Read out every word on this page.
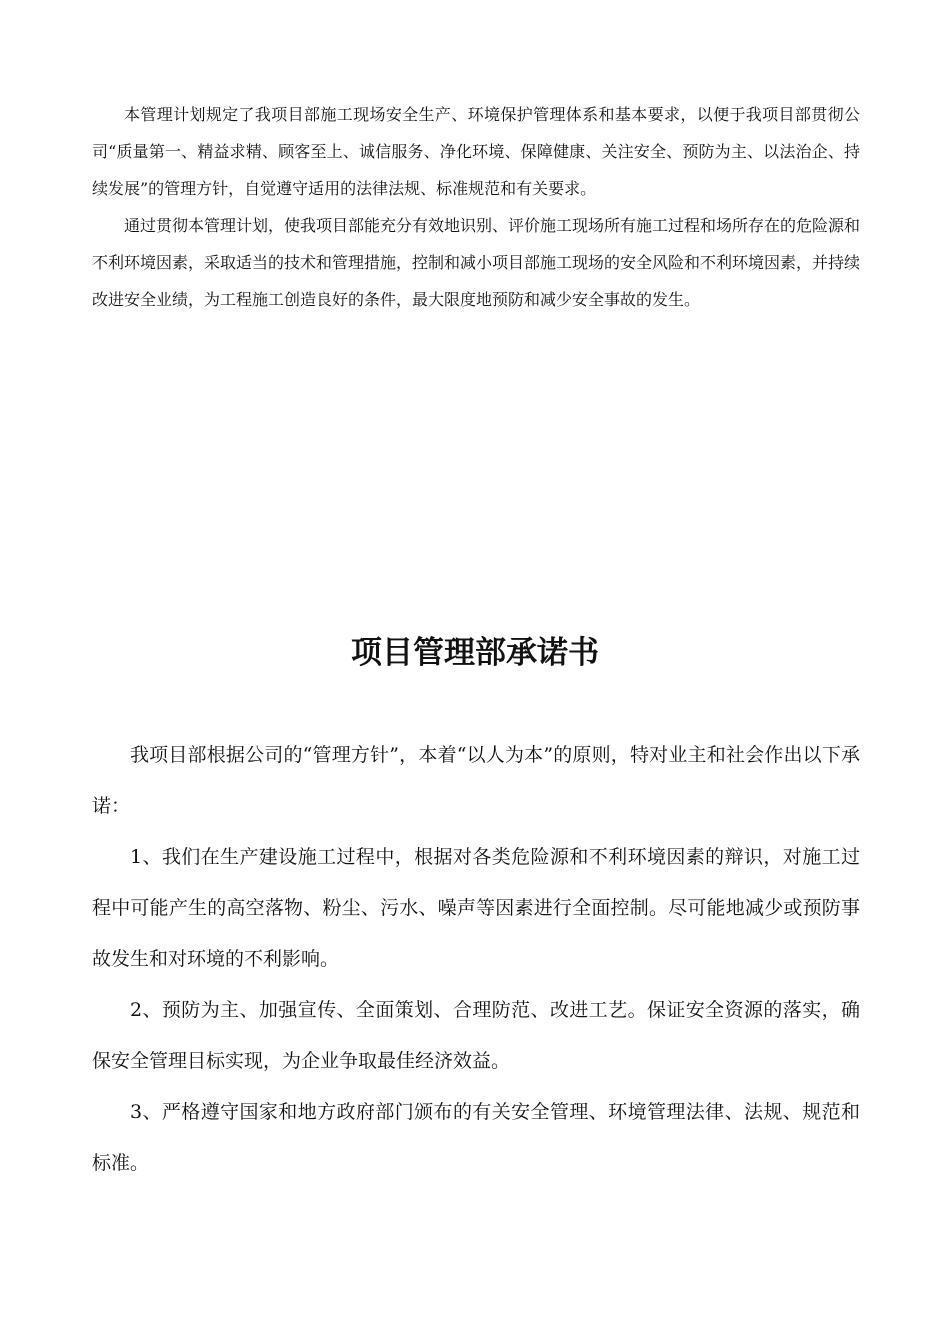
本管理计划规定了我项目部施工现场安全生产、环境保护管理体系和基本要求，以便于我项目部贯彻公司“质量第一、精益求精、顾客至上、诚信服务、净化环境、保障健康、关注安全、预防为主、以法治企、持续发展”的管理方针，自觉遵守适用的法律法规、标准规范和有关要求。

通过贯彻本管理计划，使我项目部能充分有效地识别、评价施工现场所有施工过程和场所存在的危险源和不利环境因素，采取适当的技术和管理措施，控制和减小项目部施工现场的安全风险和不利环境因素，并持续改进安全业绩，为工程施工创造良好的条件，最大限度地预防和减少安全事故的发生。

项目管理部承诺书

我项目部根据公司的“管理方针”，本着“以人为本”的原则，特对业主和社会作出以下承诺：

1、我们在生产建设施工过程中，根据对各类危险源和不利环境因素的辩识，对施工过程中可能产生的高空落物、粉尘、污水、噪声等因素进行全面控制。尽可能地减少或预防事故发生和对环境的不利影响。

2、预防为主、加强宣传、全面策划、合理防范、改进工艺。保证安全资源的落实，确保安全管理目标实现，为企业争取最佳经济效益。

3、严格遵守国家和地方政府部门颁布的有关安全管理、环境管理法律、法规、规范和标准。
